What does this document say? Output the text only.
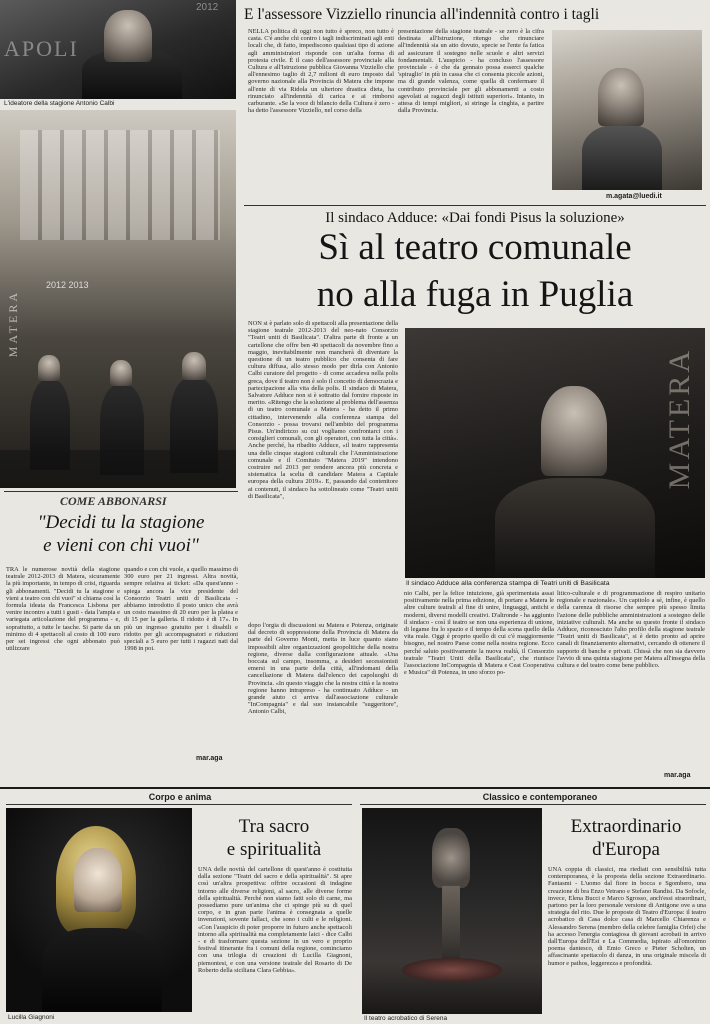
APOLI
2012
L'ideatore della stagione Antonio Calbi
2012 2013
MATERA
E l'assessore Vizziello rinuncia all'indennità contro i tagli
NELLA politica di oggi non tutto è spreco, non tutto è casta. C'è anche chi contro i tagli indiscriminati agli enti locali che, di fatto, impediscono qualsiasi tipo di azione agli amministratori risponde con un'alta forma di protesta civile. È il caso dell'assessore provinciale alla Cultura e all'Istruzione pubblica Giovanna Vizziello che all'ennesimo taglio di 2,7 milioni di euro imposto dal governo nazionale alla Provincia di Matera che impone all'ente di via Ridola un ulteriore drastica dieta, ha rinunciato all'indennità di carica e ai rimborsi carburante. «Se la voce di bilancio della Cultura è zero - ha detto l'assessore Vizziello, nel corso della
presentazione della stagione teatrale - se zero è la cifra destinata all'Istruzione, ritengo che rinunciare all'indennità sia un atto dovuto, specie se l'ente fa fatica ad assicurare il sostegno nelle scuole e altri servizi fondamentali. L'auspicio - ha concluso l'assessore provinciale - è che da gennaio possa esserci qualche 'spiraglio' in più in cassa che ci consenta piccole azioni, ma di grande valenza, come quella di confermare il contributo provinciale per gli abbonamenti a costo agevolati ai ragazzi degli istituti superiori». Intanto, in attesa di tempi migliori, si stringe la cinghia, a partire dalla Provincia.
m.agata@luedi.it
Il sindaco Adduce: «Dai fondi Pisus la soluzione»
Sì al teatro comunale
no alla fuga in Puglia
NON si è parlato solo di spettacoli alla presentazione della stagione teatrale 2012-2013 del neo-nato Consorzio "Teatri uniti di Basilicata". D'altra parte di fronte a un cartellone che offre ben 40 spettacoli da novembre fino a maggio, inevitabilmente non mancherà di diventare la questione di un teatro pubblico che consenta di fare cultura diffusa, allo stesso modo per dirla con Antonio Calbi curatore del progetto - di come accadeva nella polis greca, dove il teatro non è solo il concetto di democrazia e partecipazione alla vita della polis. Il sindaco di Matera, Salvatore Adduce non si è sottratto dal fornire risposte in merito. «Ritengo che la soluzione al problema dell'assenza di un teatro comunale a Matera - ha detto il primo cittadino, intervenendo alla conferenza stampa del Consorzio - possa trovarsi nell'ambito del programma Pisus. Un'indirizzo su cui vogliamo confrontarci con i consiglieri comunali, con gli operatori, con tutta la città». Anche perché, ha ribadito Adduce, «il teatro rappresenta una delle cinque stagioni culturali che l'Amministrazione comunale e il Comitato "Matera 2019" intendono costruire nel 2013 per rendere ancora più concreta e sistematica la scelta di candidare Matera a Capitale europea della cultura 2019». E, passando dal contenitore ai contenuti, il sindaco ha sottolineato come "Teatri uniti di Basilicata",
MATERA
Il sindaco Adduce alla conferenza stampa di Teatri uniti di Basilicata
dopo l'orgia di discussioni su Matera e Potenza, originate dal decreto di soppressione della Provincia di Matera da parte del Governo Monti, metta in luce quanto siano impossibili altre organizzazioni geopolitiche della nostra regione, diverse dalla configurazione attuale. «Una boccata sul campo, insomma, a desideri secessionisti emersi in una parte della città, all'indomani della cancellazione di Matera dall'elenco dei capoluoghi di Provincia. «In questo viaggio che la nostra città e la nostra regione hanno intrapreso - ha continuato Adduce - un grande aiuto ci arriva dall'associazione culturale "InCompagnia" e dal suo instancabile "suggeritore", Antonio Calbi,
nio Calbi, per la felice intuizione, già sperimentata assai positivamente nella prima edizione, di portare a Matera le altre culture teatrali al fine di unire, linguaggi, antichi e moderni, diversi modelli creativi. D'altronde - ha aggiunto il sindaco - così il teatro se non una esperienza di unione, di legame fra lo spazio e il tempo della scena quello della vita reale. Oggi è proprio quello di cui c'è maggiormente bisogno, nel nostro Paese come nella nostra regione. Ecco perché saluto positivamente la nuova realtà, il Consorzio teatrale "Teatri Uniti della Basilicata", che riunisce l'associazione InCompagnia di Matera e Ceat Cooperativa e Musica" di Potenza, in uno sforzo po-
litico-culturale e di programmazione di respiro unitario regionale e nazionale». Un capitolo a sé, infine, è quello della carenza di risorse che sempre più spesso limita l'azione delle pubbliche amministrazioni a sostegno delle iniziative culturali. Ma anche su questo fronte il sindaco Adduce, riconosciuto l'alto profilo della stagione teatrale "Teatri uniti di Basilicata", si è detto pronto ad aprire canali di finanziamento alternativi, cercando di ottenere il supporto di banche e privati. Chissà che non sia davvero l'avvio di una quinta stagione per Matera all'insegna della cultura e del teatro come bene pubblico.
mar.aga
COME ABBONARSI
"Decidi tu la stagione
e vieni con chi vuoi"
TRA le numerose novità della stagione teatrale 2012-2013 di Matera, sicuramente la più importante, in tempo di crisi, riguarda gli abbonamenti. "Decidi tu la stagione e vieni a teatro con chi vuoi" si chiama così la formula ideata da Francesca Lisbona per venire incontro a tutti i gusti - data l'ampia e variegata articolazione del programma - e, soprattutto, a tutte le tasche. Si parte da un minimo di 4 spettacoli al costo di 100 euro per sei ingressi che ogni abbonato può utilizzare
quando e con chi vuole, a quello massimo di 300 euro per 21 ingressi. Altra novità, sempre relativa ai ticket: «Da quest'anno - spiega ancora la vice presidente del Consorzio Teatri uniti di Basilicata - abbiamo introdotto il posto unico che avrà un costo massimo di 20 euro per la platea e di 15 per la galleria. Il ridotto è di 17». In più un ingresso gratuito per i disabili e ridotto per gli accompagnatori e riduzioni speciali a 5 euro per tutti i ragazzi nati dal 1998 in poi.
mar.aga
Corpo e anima
Lucilla Giagnoni
Tra sacro
e spiritualità
UNA delle novità del cartellone di quest'anno è costituita dalla sezione "Teatri del sacro e della spiritualità". Si apre così un'altra prospettiva: offrire occasioni di indagine intorno alle diverse religioni, al sacro, alle diverse forme della spiritualità. Perché non siamo fatti solo di carne, ma possediamo pure un'anima che ci spinge più su di quel corpo, e in gran parte l'anima è consegnata a quelle invenzioni, sovente fallaci, che sono i culti e le religioni. «Con l'auspicio di poter proporre in futuro anche spettacoli intorno alla spiritualità ma completamente laici - dice Calbi - e di trasformare questa sezione in un vero e proprio festival itinerante fra i comuni della regione, cominciamo con una trilogia di creazioni di Lucilla Giagnoni, piemontesi, e con una versione teatrale del Rosario di De Roberto della siciliana Clara Gebbia».
Classico e contemporaneo
Il teatro acrobatico di Serena
Extraordinario
d'Europa
UNA coppia di classici, ma riediati con sensibilità tutta contemporanea, è la proposta della sezione Extraordinario. Fantasmi - L'uomo dal fiore in bocca e Sgombero, una creazione di bra Enzo Vetrano e Stefano Randisi. Da Sofocle, invece, Elena Bucci e Marco Sgrosso, anch'essi straordinari, partono per la loro personale versione di Antigone ove a una strategia del rito. Due le proposte di Teatro d'Europa: il teatro acrobatico di Casa dolce casa di Marcello Chiarenza e Alessandro Serena (membro della celebre famiglia Orfei) che ha accesso l'energia contagiosa di giovani acrobati in arrivo dall'Europa dell'Est e La Commedia, ispirato all'omonimo poema dantesco, di Emio Greco e Pieter Scholten, un affascinante spettacolo di danza, in una originale miscela di humor e pathos, leggerezza e profondità.
